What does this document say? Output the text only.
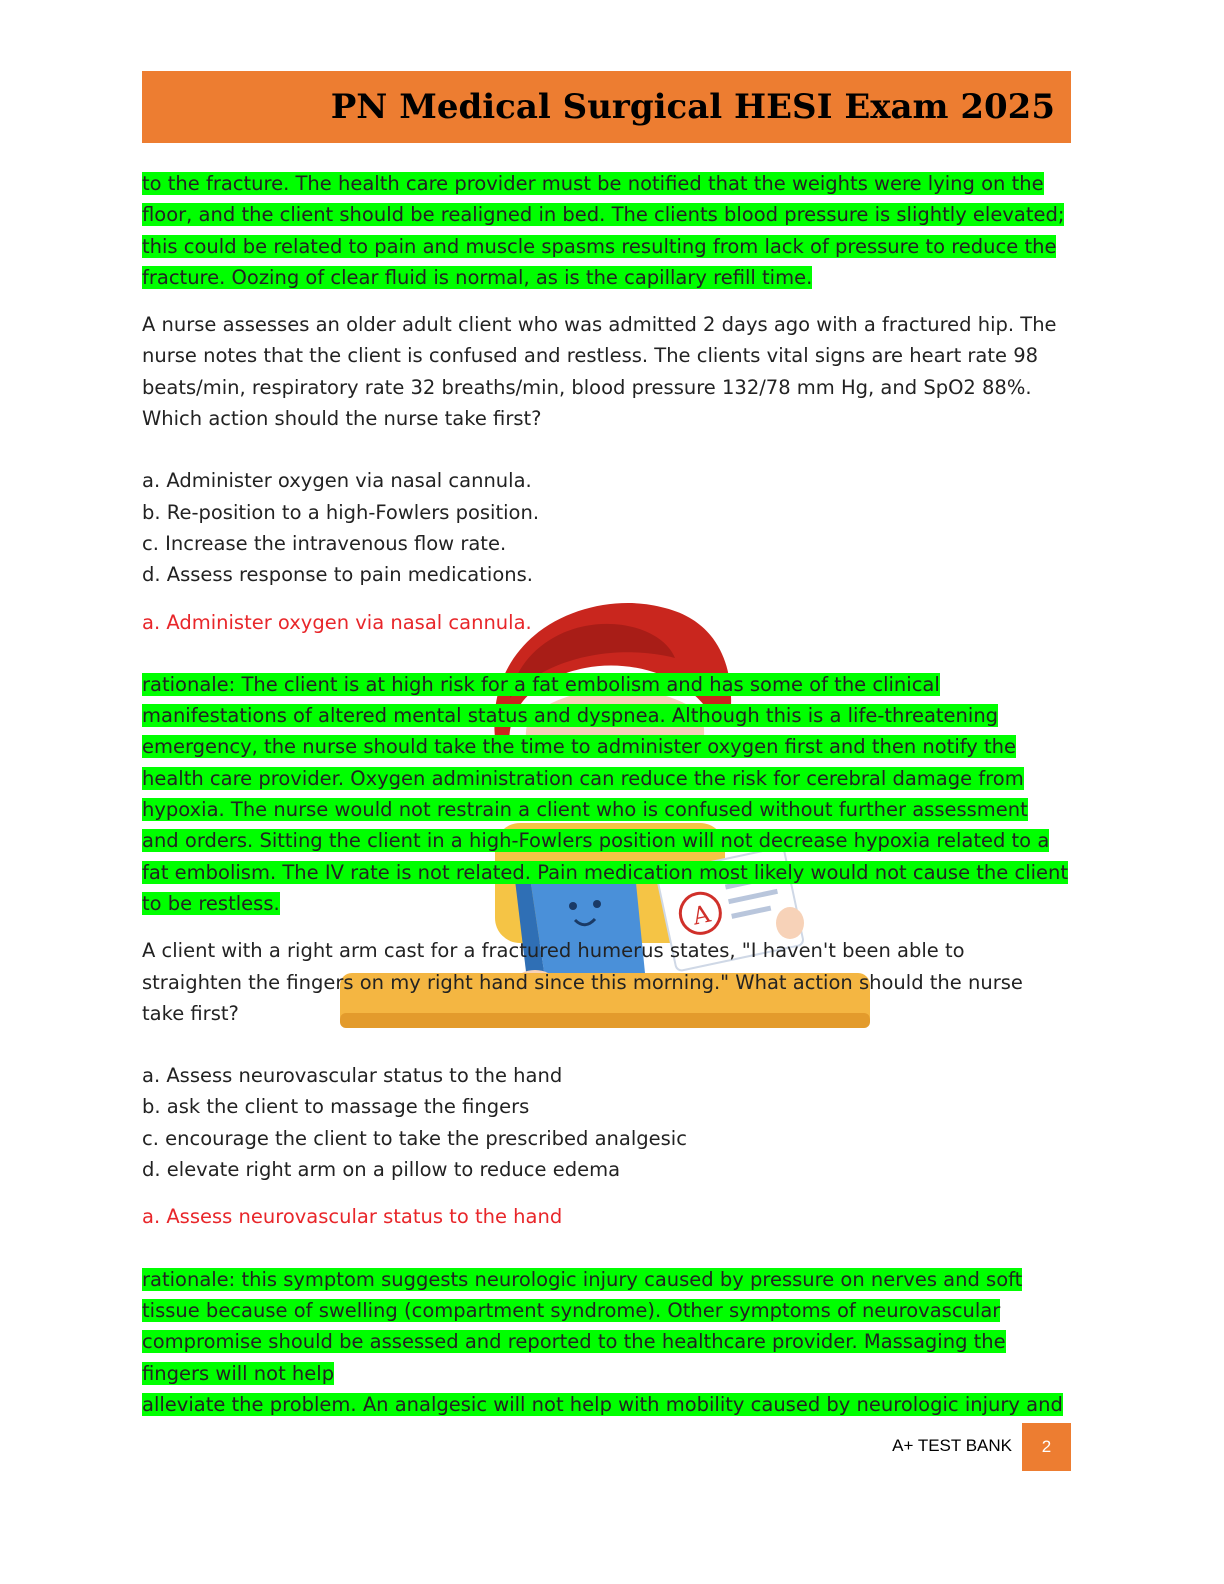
PN Medical Surgical HESI Exam 2025
A
to the fracture. The health care provider must be notified that the weights were lying on the
floor, and the client should be realigned in bed. The clients blood pressure is slightly elevated;
this could be related to pain and muscle spasms resulting from lack of pressure to reduce the
fracture. Oozing of clear fluid is normal, as is the capillary refill time.

A nurse assesses an older adult client who was admitted 2 days ago with a fractured hip. The

nurse notes that the client is confused and restless. The clients vital signs are heart rate 98

beats/min, respiratory rate 32 breaths/min, blood pressure 132/78 mm Hg, and SpO2 88%.

Which action should the nurse take first?

a. Administer oxygen via nasal cannula.
b. Re-position to a high-Fowlers position.
c. Increase the intravenous flow rate.
d. Assess response to pain medications.

a. Administer oxygen via nasal cannula.

rationale: The client is at high risk for a fat embolism and has some of the clinical
manifestations of altered mental status and dyspnea. Although this is a life-threatening
emergency, the nurse should take the time to administer oxygen first and then notify the
health care provider. Oxygen administration can reduce the risk for cerebral damage from
hypoxia. The nurse would not restrain a client who is confused without further assessment
and orders. Sitting the client in a high-Fowlers position will not decrease hypoxia related to a
fat embolism. The IV rate is not related. Pain medication most likely would not cause the client
to be restless.

A client with a right arm cast for a fractured humerus states, "I haven't been able to

straighten the fingers on my right hand since this morning." What action should the nurse

take first?

a. Assess neurovascular status to the hand
b. ask the client to massage the fingers
c. encourage the client to take the prescribed analgesic
d. elevate right arm on a pillow to reduce edema

a. Assess neurovascular status to the hand

rationale: this symptom suggests neurologic injury caused by pressure on nerves and soft
tissue because of swelling (compartment syndrome). Other symptoms of neurovascular
compromise should be assessed and reported to the healthcare provider. Massaging the
fingers will not help
alleviate the problem. An analgesic will not help with mobility caused by neurologic injury and
A+ TEST BANK	2
